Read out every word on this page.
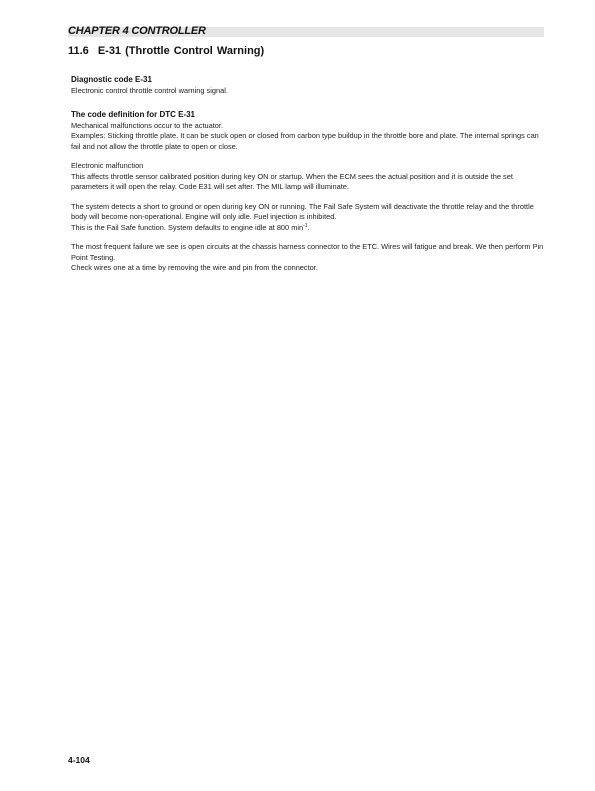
CHAPTER 4 CONTROLLER
11.6 E-31 (Throttle Control Warning)
Diagnostic code E-31

Electronic control throttle control warning signal.

The code definition for DTC E-31

Mechanical malfunctions occur to the actuator.

Examples: Sticking throttle plate. It can be stuck open or closed from carbon type buildup in the throttle bore and plate. The internal springs can fail and not allow the throttle plate to open or close.

Electronic malfunction

This affects throttle sensor calibrated position during key ON or startup. When the ECM sees the actual position and it is outside the set parameters it will open the relay. Code E31 will set after. The MIL lamp will illuminate.

The system detects a short to ground or open during key ON or running. The Fail Safe System will deactivate the throttle relay and the throttle body will become non-operational. Engine will only idle. Fuel injection is inhibited.

This is the Fail Safe function. System defaults to engine idle at 800 $\min^{-1}$.

The most frequent failure we see is open circuits at the chassis harness connector to the ETC. Wires will fatigue and break. We then perform Pin Point Testing.

Check wires one at a time by removing the wire and pin from the connector.

4-104
